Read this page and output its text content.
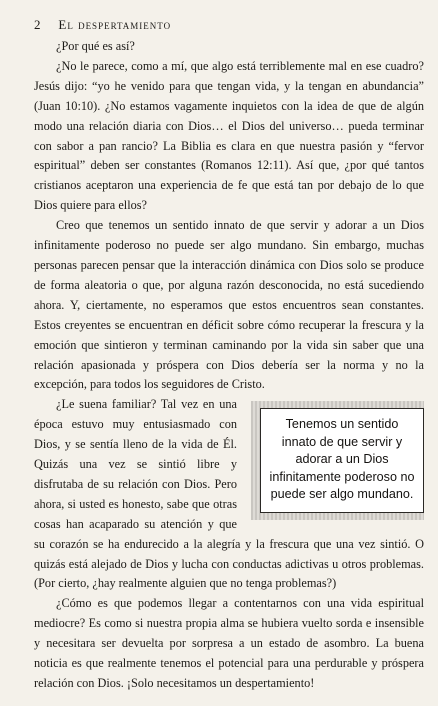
2 El despertamiento

¿Por qué es así?

¿No le parece, como a mí, que algo está terriblemente mal en ese cuadro? Jesús dijo: “yo he venido para que tengan vida, y la tengan en abundancia” (Juan 10:10). ¿No estamos vagamente inquietos con la idea de que de algún modo una relación diaria con Dios… el Dios del universo… pueda terminar con sabor a pan rancio? La Biblia es clara en que nuestra pasión y “fervor espiritual” deben ser constantes (Romanos 12:11). Así que, ¿por qué tantos cristianos aceptaron una experiencia de fe que está tan por debajo de lo que Dios quiere para ellos?

Creo que tenemos un sentido innato de que servir y adorar a un Dios infinitamente poderoso no puede ser algo mundano. Sin embargo, muchas personas parecen pensar que la interacción dinámica con Dios solo se produce de forma aleatoria o que, por alguna razón desconocida, no está sucediendo ahora. Y, ciertamente, no esperamos que estos encuentros sean constantes. Estos creyentes se encuentran en déficit sobre cómo recuperar la frescura y la emoción que sintieron y terminan caminando por la vida sin saber que una relación apasionada y próspera con Dios debería ser la norma y no la excepción, para todos los seguidores de Cristo.

Tenemos un sentido innato de que servir y adorar a un Dios infinitamente poderoso no puede ser algo mundano.

¿Le suena familiar? Tal vez en una época estuvo muy entusiasmado con Dios, y se sentía lleno de la vida de Él. Quizás una vez se sintió libre y disfrutaba de su relación con Dios. Pero ahora, si usted es honesto, sabe que otras cosas han acaparado su atención y que su corazón se ha endurecido a la alegría y la frescura que una vez sintió. O quizás está alejado de Dios y lucha con conductas adictivas u otros problemas. (Por cierto, ¿hay realmente alguien que no tenga problemas?)

¿Cómo es que podemos llegar a contentarnos con una vida espiritual mediocre? Es como si nuestra propia alma se hubiera vuelto sorda e insensible y necesitara ser devuelta por sorpresa a un estado de asombro. La buena noticia es que realmente tenemos el potencial para una perdurable y próspera relación con Dios. ¡Solo necesitamos un despertamiento!
